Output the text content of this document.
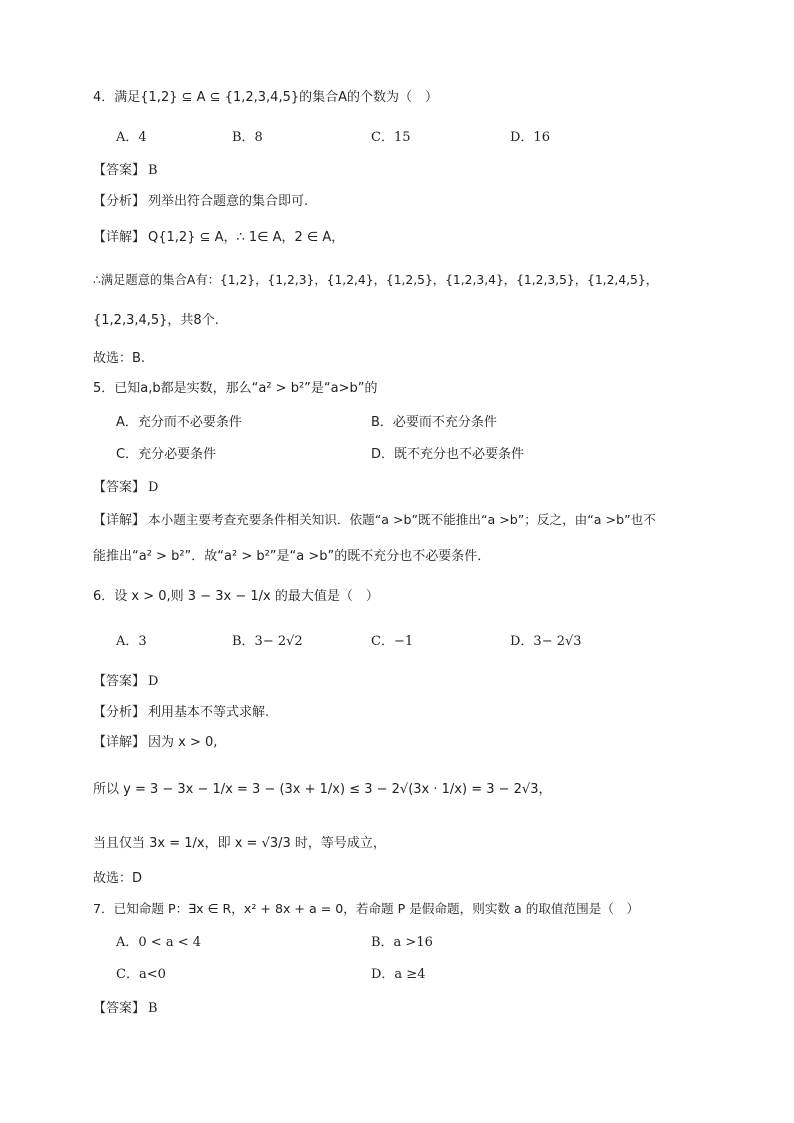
4．满足{1,2} ⊆ A ⊆ {1,2,3,4,5}的集合A的个数为（　）
A．4	B．8	C．15	D．16
【答案】 B
【分析】 列举出符合题意的集合即可.
【详解】 Q{1,2} ⊆ A，∴ 1∈ A，2 ∈ A，
∴满足题意的集合A有：{1,2}，{1,2,3}，{1,2,4}，{1,2,5}，{1,2,3,4}，{1,2,3,5}，{1,2,4,5}，
{1,2,3,4,5}，共8个.
故选：B.
5．已知a,b都是实数，那么“a² > b²”是“a>b”的
A．充分而不必要条件	B．必要而不充分条件
C．充分必要条件	D．既不充分也不必要条件
【答案】 D
【详解】 本小题主要考查充要条件相关知识．依题“a >b”既不能推出“a >b”；反之，由“a >b”也不
能推出“a² > b²”．故“a² > b²”是“a >b”的既不充分也不必要条件．
6．设 x > 0,则 3 − 3x − 1/x 的最大值是（　）
A．3	B．3− 2√2	C．−1	D．3− 2√3
【答案】 D
【分析】 利用基本不等式求解.
【详解】 因为 x > 0,
所以 y = 3 − 3x − 1/x = 3 − (3x + 1/x) ≤ 3 − 2√(3x · 1/x) = 3 − 2√3，
当且仅当 3x = 1/x，即 x = √3/3 时，等号成立，
故选：D
7．已知命题 P：∃x ∈ R，x² + 8x + a = 0，若命题 P 是假命题，则实数 a 的取值范围是（　）
A．0 < a < 4	B．a >16
C．a<0	D．a ≥4
【答案】 B
